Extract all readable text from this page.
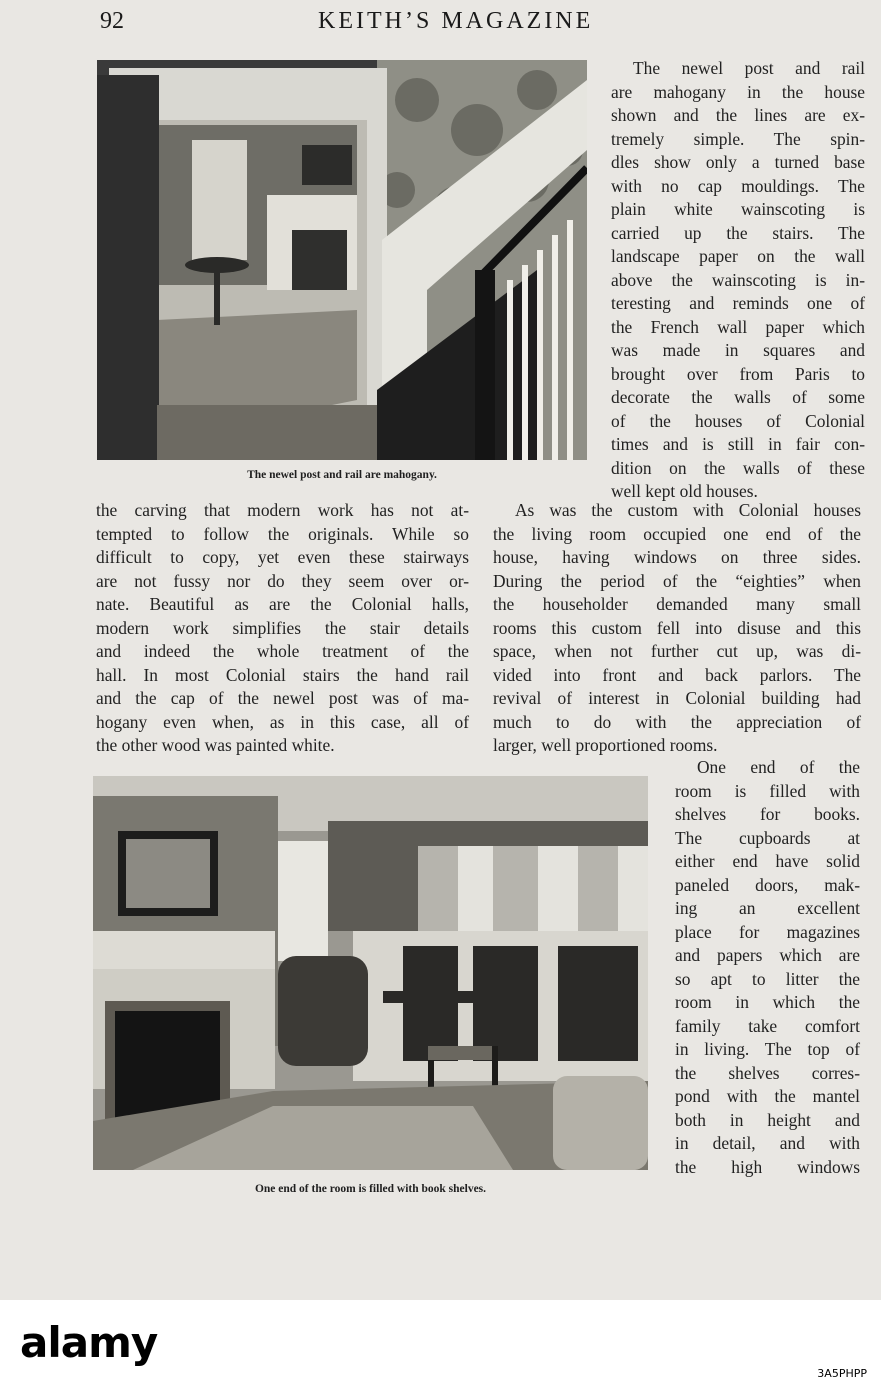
92	KEITH’S MAGAZINE
The newel post and rail are mahogany.
The newel post and rail
are mahogany in the house
shown and the lines are ex-
tremely simple. The spin-
dles show only a turned base
with no cap mouldings. The
plain white wainscoting is
carried up the stairs. The
landscape paper on the wall
above the wainscoting is in-
teresting and reminds one of
the French wall paper which
was made in squares and
brought over from Paris to
decorate the walls of some
of the houses of Colonial
times and is still in fair con-
dition on the walls of these
well kept old houses.
the carving that modern work has not at-
tempted to follow the originals. While so
difficult to copy, yet even these stairways
are not fussy nor do they seem over or-
nate. Beautiful as are the Colonial halls,
modern work simplifies the stair details
and indeed the whole treatment of the
hall. In most Colonial stairs the hand rail
and the cap of the newel post was of ma-
hogany even when, as in this case, all of
the other wood was painted white.
As was the custom with Colonial houses
the living room occupied one end of the
house, having windows on three sides.
During the period of the “eighties” when
the householder demanded many small
rooms this custom fell into disuse and this
space, when not further cut up, was di-
vided into front and back parlors. The
revival of interest in Colonial building had
much to do with the appreciation of
larger, well proportioned rooms.
One end of the room is filled with book shelves.
One end of the
room is filled with
shelves for books.
The cupboards at
either end have solid
paneled doors, mak-
ing an excellent
place for magazines
and papers which are
so apt to litter the
room in which the
family take comfort
in living. The top of
the shelves corres-
pond with the mantel
both in height and
in detail, and with
the high windows
alamy
3A5PHPP
